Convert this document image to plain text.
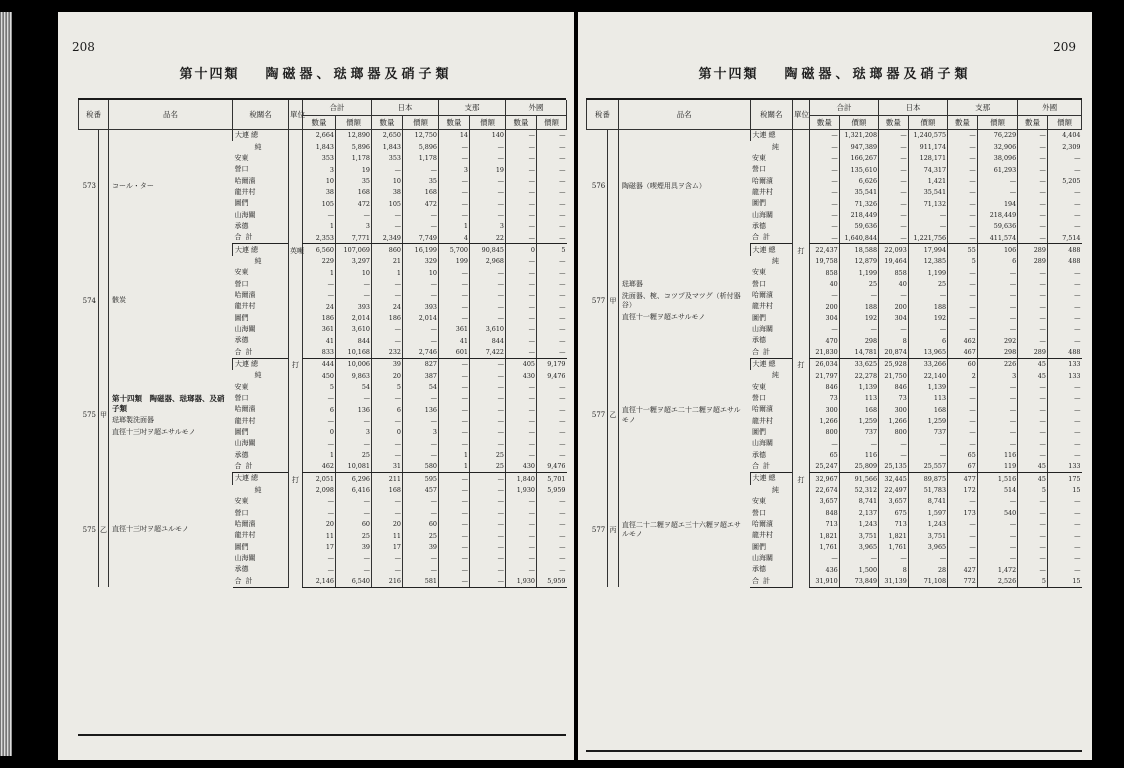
208
第十四類 陶磁器、琺瑯器及硝子類
稅番		品名	稅關名	單位	合計		日本		支那		外國	
					數量	價額	數量	價額	數量	價額	數量	價額
573		コール・ター	大連 總		2,664	12,890	2,650	12,750	14	140	—	—
			純		1,843	5,896	1,843	5,896	—	—	—	—
			安東		353	1,178	353	1,178	—	—	—	—
			營口		3	19	—	—	3	19	—	—
			哈爾濱		10	35	10	35	—	—	—	—
			龍井村		38	168	38	168	—	—	—	—
			圖們		105	472	105	472	—	—	—	—
			山海關		—	—	—	—	—	—	—	—
			承德		1	3	—	—	1	3	—	—
			合計		2,353	7,771	2,349	7,749	4	22	—	—
574		骸炭	大連 總	英噸	6,560	107,069	860	16,199	5,700	90,845	0	5
			純		229	3,297	21	329	199	2,968	—	—
			安東		1	10	1	10	—	—	—	—
			營口		—	—	—	—	—	—	—	—
			哈爾濱		—	—	—	—	—	—	—	—
			龍井村		24	393	24	393	—	—	—	—
			圖們		186	2,014	186	2,014	—	—	—	—
			山海關		361	3,610	—	—	361	3,610	—	—
			承德		41	844	—	—	41	844	—	—
			合計		833	10,168	232	2,746	601	7,422	—	—
575	甲	第十四類　陶磁器、琺瑯器、及硝子類
琺瑯製洗面器
直徑十三吋ヲ超エサルモノ	大連 總	打	444	10,006	39	827	—	—	405	9,179
			純		450	9,863	20	387	—	—	430	9,476
			安東		5	54	5	54	—	—	—	—
			營口		—	—	—	—	—	—	—	—
			哈爾濱		6	136	6	136	—	—	—	—
			龍井村		—	—	—	—	—	—	—	—
			圖們		0	3	0	3	—	—	—	—
			山海關		—	—	—	—	—	—	—	—
			承德		1	25	—	—	1	25	—	—
			合計		462	10,081	31	580	1	25	430	9,476
575	乙	直徑十三吋ヲ超ユルモノ	大連 總	打	2,051	6,296	211	595	—	—	1,840	5,701
			純		2,098	6,416	168	457	—	—	1,930	5,959
			安東		—	—	—	—	—	—	—	—
			營口		—	—	—	—	—	—	—	—
			哈爾濱		20	60	20	60	—	—	—	—
			龍井村		11	25	11	25	—	—	—	—
			圖們		17	39	17	39	—	—	—	—
			山海關		—	—	—	—	—	—	—	—
			承德		—	—	—	—	—	—	—	—
			合計		2,146	6,540	216	581	—	—	1,930	5,959
209
第十四類 陶磁器、琺瑯器及硝子類
稅番		品名	稅關名	單位	合計		日本		支那		外國	
					數量	價額	數量	價額	數量	價額	數量	價額
576		陶磁器（喫煙用具ヲ含ム）	大連 總		—	1,321,208	—	1,240,575	—	76,229	—	4,404
			純		—	947,389	—	911,174	—	32,906	—	2,309
			安東		—	166,267	—	128,171	—	38,096	—	—
			營口		—	135,610	—	74,317	—	61,293	—	—
			哈爾濱		—	6,626	—	1,421	—	—	—	5,205
			龍井村		—	35,541	—	35,541	—	—	—	—
			圖們		—	71,326	—	71,132	—	194	—	—
			山海關		—	218,449	—	—	—	218,449	—	—
			承德		—	59,636	—	—	—	59,636	—	—
			合計		—	1,640,844	—	1,221,756	—	411,574	—	7,514
577	甲	琺瑯器
洗面器、椀、コツプ及マツグ（析付器谷）
直徑十一糎ヲ超エサルモノ	大連 總	打	22,437	18,588	22,093	17,994	55	106	289	488
			純		19,758	12,879	19,464	12,385	5	6	289	488
			安東		858	1,199	858	1,199	—	—	—	—
			營口		40	25	40	25	—	—	—	—
			哈爾濱		—	—	—	—	—	—	—	—
			龍井村		200	188	200	188	—	—	—	—
			圖們		304	192	304	192	—	—	—	—
			山海關		—	—	—	—	—	—	—	—
			承德		470	298	8	6	462	292	—	—
			合計		21,830	14,781	20,874	13,965	467	298	289	488
577	乙	直徑十一糎ヲ超エ二十二糎ヲ超エサルモノ	大連 總	打	26,034	33,625	25,928	33,266	60	226	45	133
			純		21,797	22,278	21,750	22,140	2	3	45	133
			安東		846	1,139	846	1,139	—	—	—	—
			營口		73	113	73	113	—	—	—	—
			哈爾濱		300	168	300	168	—	—	—	—
			龍井村		1,266	1,259	1,266	1,259	—	—	—	—
			圖們		800	737	800	737	—	—	—	—
			山海關		—	—	—	—	—	—	—	—
			承德		65	116	—	—	65	116	—	—
			合計		25,247	25,809	25,135	25,557	67	119	45	133
577	丙	直徑二十二糎ヲ超エ三十六糎ヲ超エサルモノ	大連 總	打	32,967	91,566	32,445	89,875	477	1,516	45	175
			純		22,674	52,312	22,497	51,783	172	514	5	15
			安東		3,657	8,741	3,657	8,741	—	—	—	—
			營口		848	2,137	675	1,597	173	540	—	—
			哈爾濱		713	1,243	713	1,243	—	—	—	—
			龍井村		1,821	3,751	1,821	3,751	—	—	—	—
			圖們		1,761	3,965	1,761	3,965	—	—	—	—
			山海關		—	—	—	—	—	—	—	—
			承德		436	1,500	8	28	427	1,472	—	—
			合計		31,910	73,849	31,139	71,108	772	2,526	5	15
